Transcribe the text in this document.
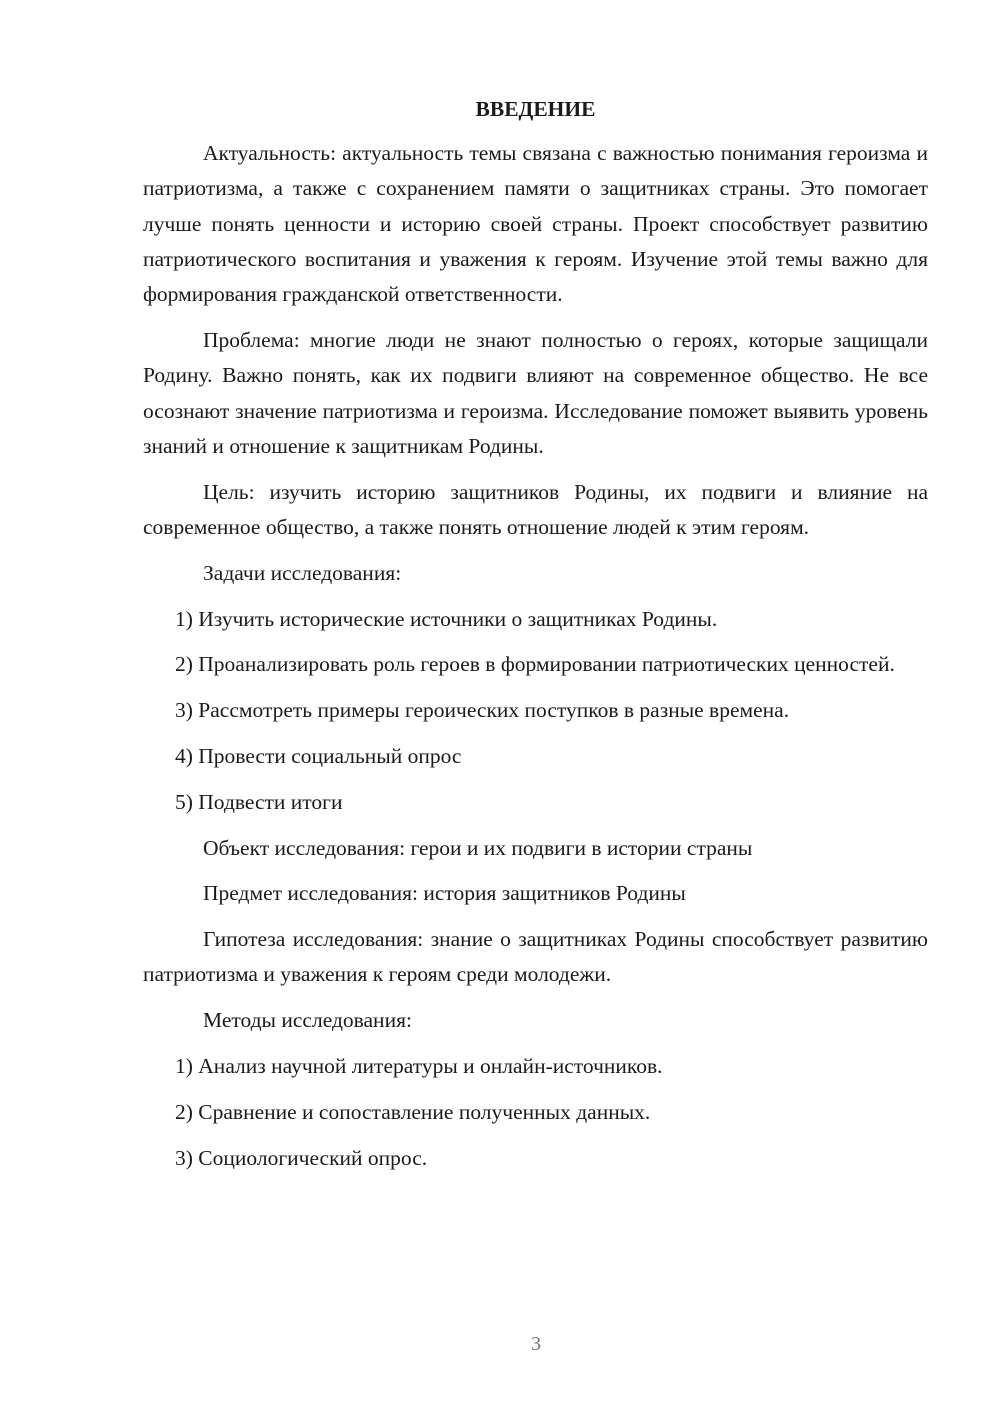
ВВЕДЕНИЕ

Актуальность: актуальность темы связана с важностью понимания героизма и патриотизма, а также с сохранением памяти о защитниках страны. Это помогает лучше понять ценности и историю своей страны. Проект способствует развитию патриотического воспитания и уважения к героям. Изучение этой темы важно для формирования гражданской ответственности.

Проблема: многие люди не знают полностью о героях, которые защищали Родину. Важно понять, как их подвиги влияют на современное общество. Не все осознают значение патриотизма и героизма. Исследование поможет выявить уровень знаний и отношение к защитникам Родины.

Цель: изучить историю защитников Родины, их подвиги и влияние на современное общество, а также понять отношение людей к этим героям.

Задачи исследования:
1) Изучить исторические источники о защитниках Родины.

2) Проанализировать роль героев в формировании патриотических ценностей.

3) Рассмотреть примеры героических поступков в разные времена.
4) Провести социальный опрос
5) Подвести итоги
Объект исследования: герои и их подвиги в истории страны
Предмет исследования: история защитников Родины

Гипотеза исследования: знание о защитниках Родины способствует развитию патриотизма и уважения к героям среди молодежи.

Методы исследования:
1) Анализ научной литературы и онлайн-источников.
2) Сравнение и сопоставление полученных данных.
3) Социологический опрос.
3
